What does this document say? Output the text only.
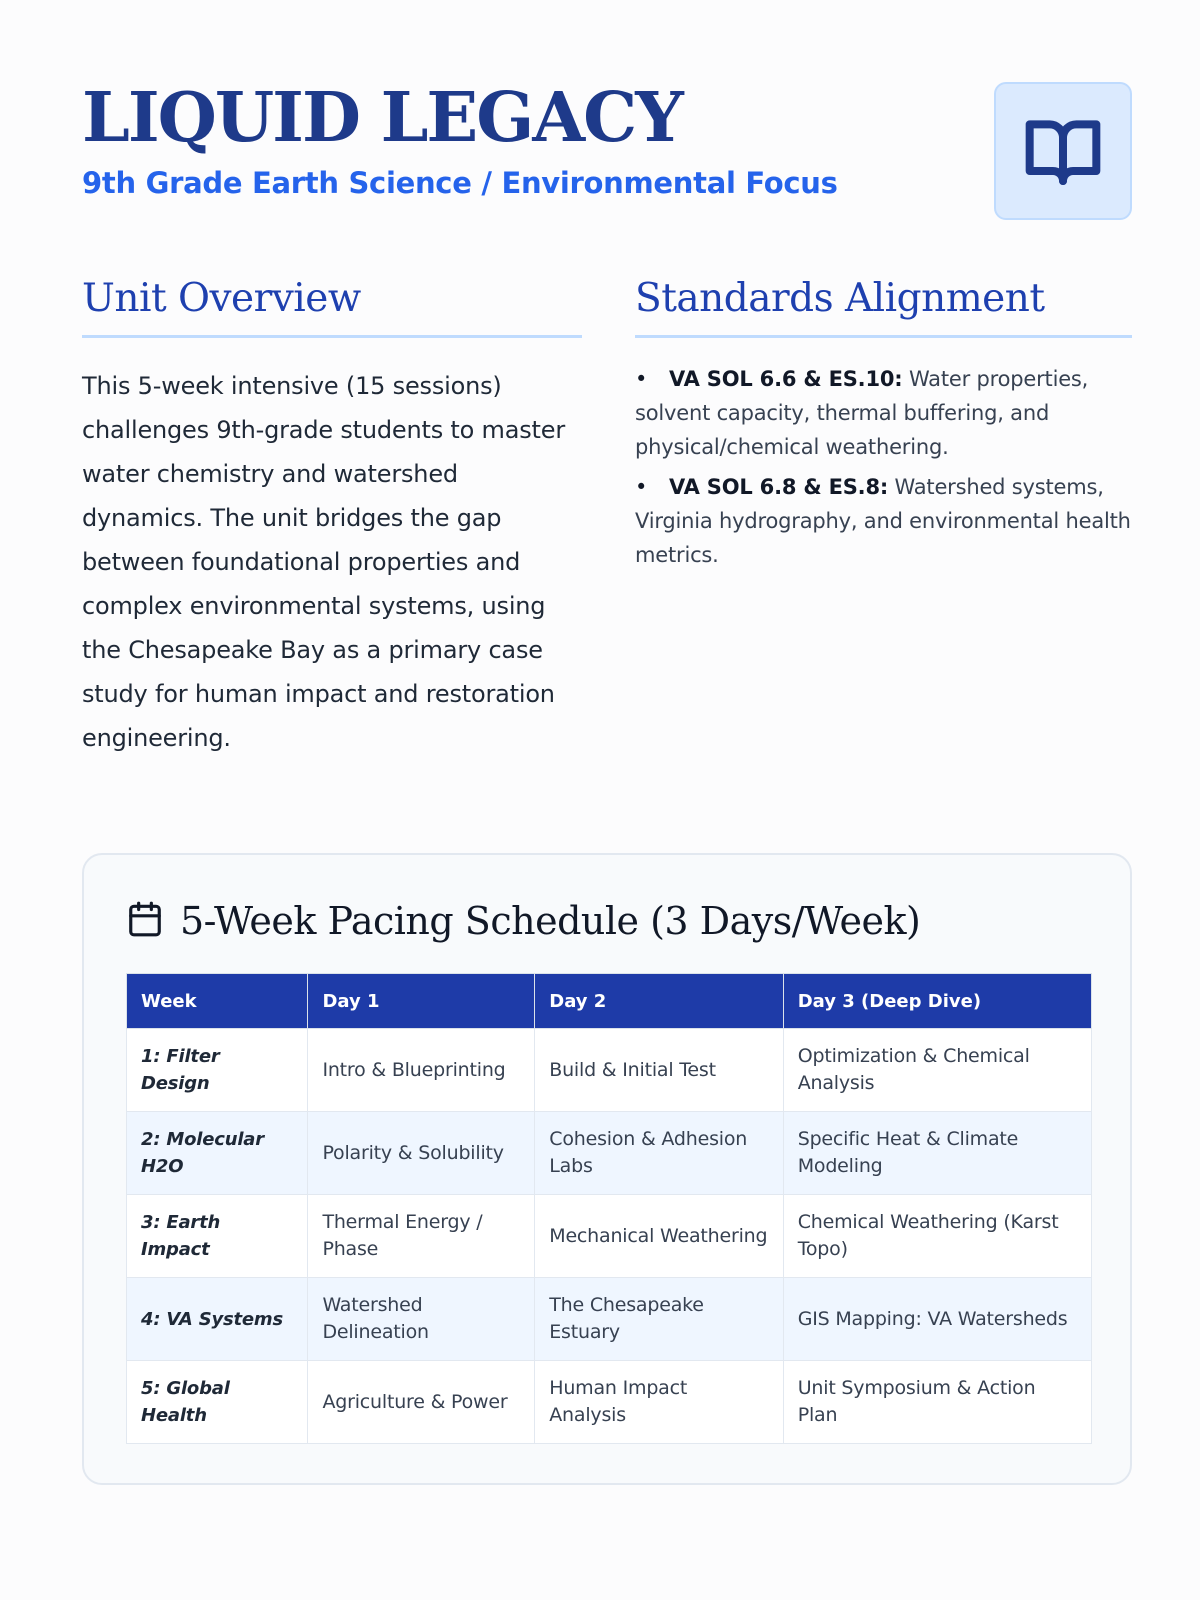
LIQUID LEGACY

9th Grade Earth Science / Environmental Focus

Unit Overview

This 5-week intensive (15 sessions) challenges 9th-grade students to master water chemistry and watershed dynamics. The unit bridges the gap between foundational properties and complex environmental systems, using the Chesapeake Bay as a primary case study for human impact and restoration engineering.

Standards Alignment
• VA SOL 6.6 & ES.10: Water properties, solvent capacity, thermal buffering, and physical/chemical weathering.
• VA SOL 6.8 & ES.8: Watershed systems, Virginia hydrography, and environmental health metrics.
5-Week Pacing Schedule (3 Days/Week)
Week	Day 1	Day 2	Day 3 (Deep Dive)
1: Filter Design	Intro & Blueprinting	Build & Initial Test	Optimization & Chemical Analysis
2: Molecular H2O	Polarity & Solubility	Cohesion & Adhesion Labs	Specific Heat & Climate Modeling
3: Earth Impact	Thermal Energy / Phase	Mechanical Weathering	Chemical Weathering (Karst Topo)
4: VA Systems	Watershed Delineation	The Chesapeake Estuary	GIS Mapping: VA Watersheds
5: Global Health	Agriculture & Power	Human Impact Analysis	Unit Symposium & Action Plan
